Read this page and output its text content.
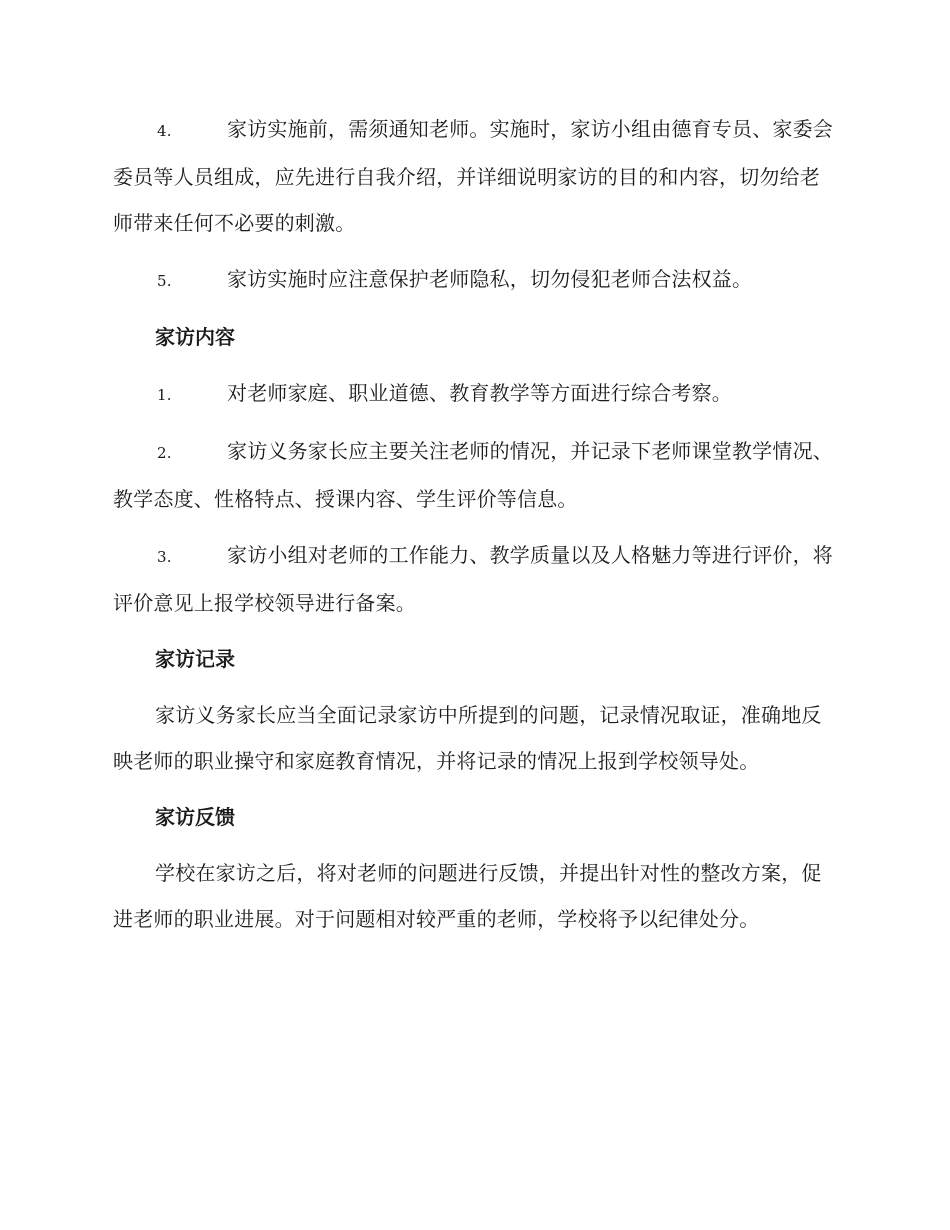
4.	家访实施前，需须通知老师。实施时，家访小组由德育专员、家委会委员等人员组成，应先进行自我介绍，并详细说明家访的目的和内容，切勿给老师带来任何不必要的刺激。

5.	家访实施时应注意保护老师隐私，切勿侵犯老师合法权益。

家访内容

1.	对老师家庭、职业道德、教育教学等方面进行综合考察。

2.	家访义务家长应主要关注老师的情况，并记录下老师课堂教学情况、教学态度、性格特点、授课内容、学生评价等信息。

3.	家访小组对老师的工作能力、教学质量以及人格魅力等进行评价，将评价意见上报学校领导进行备案。

家访记录

家访义务家长应当全面记录家访中所提到的问题，记录情况取证，准确地反映老师的职业操守和家庭教育情况，并将记录的情况上报到学校领导处。

家访反馈

学校在家访之后，将对老师的问题进行反馈，并提出针对性的整改方案，促进老师的职业进展。对于问题相对较严重的老师，学校将予以纪律处分。
